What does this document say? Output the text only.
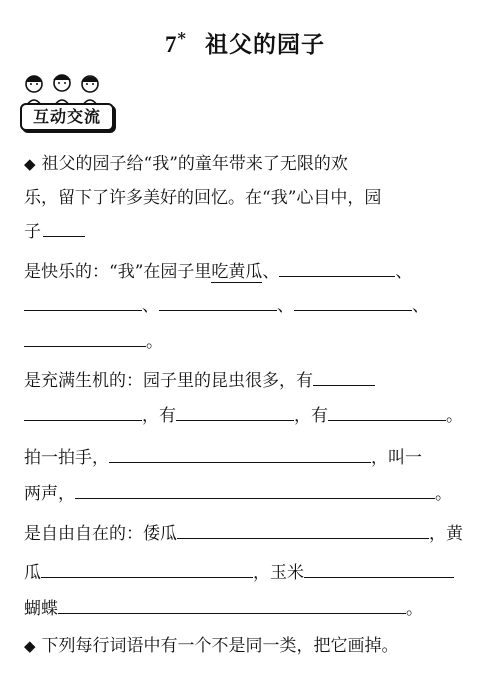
7* 祖父的园子
互动交流
◆ 祖父的园子给“我”的童年带来了无限的欢
乐，留下了许多美好的回忆。在“我”心目中，园
子
是快乐的：“我”在园子里吃黄瓜、	、
、	、	、
。
是充满生机的：园子里的昆虫很多，有
，有	，有	。
拍一拍手，	，叫一
两声，	。
是自由自在的：倭瓜	，黄
瓜	，玉米
蝴蝶	。
◆ 下列每行词语中有一个不是同一类，把它画掉。
